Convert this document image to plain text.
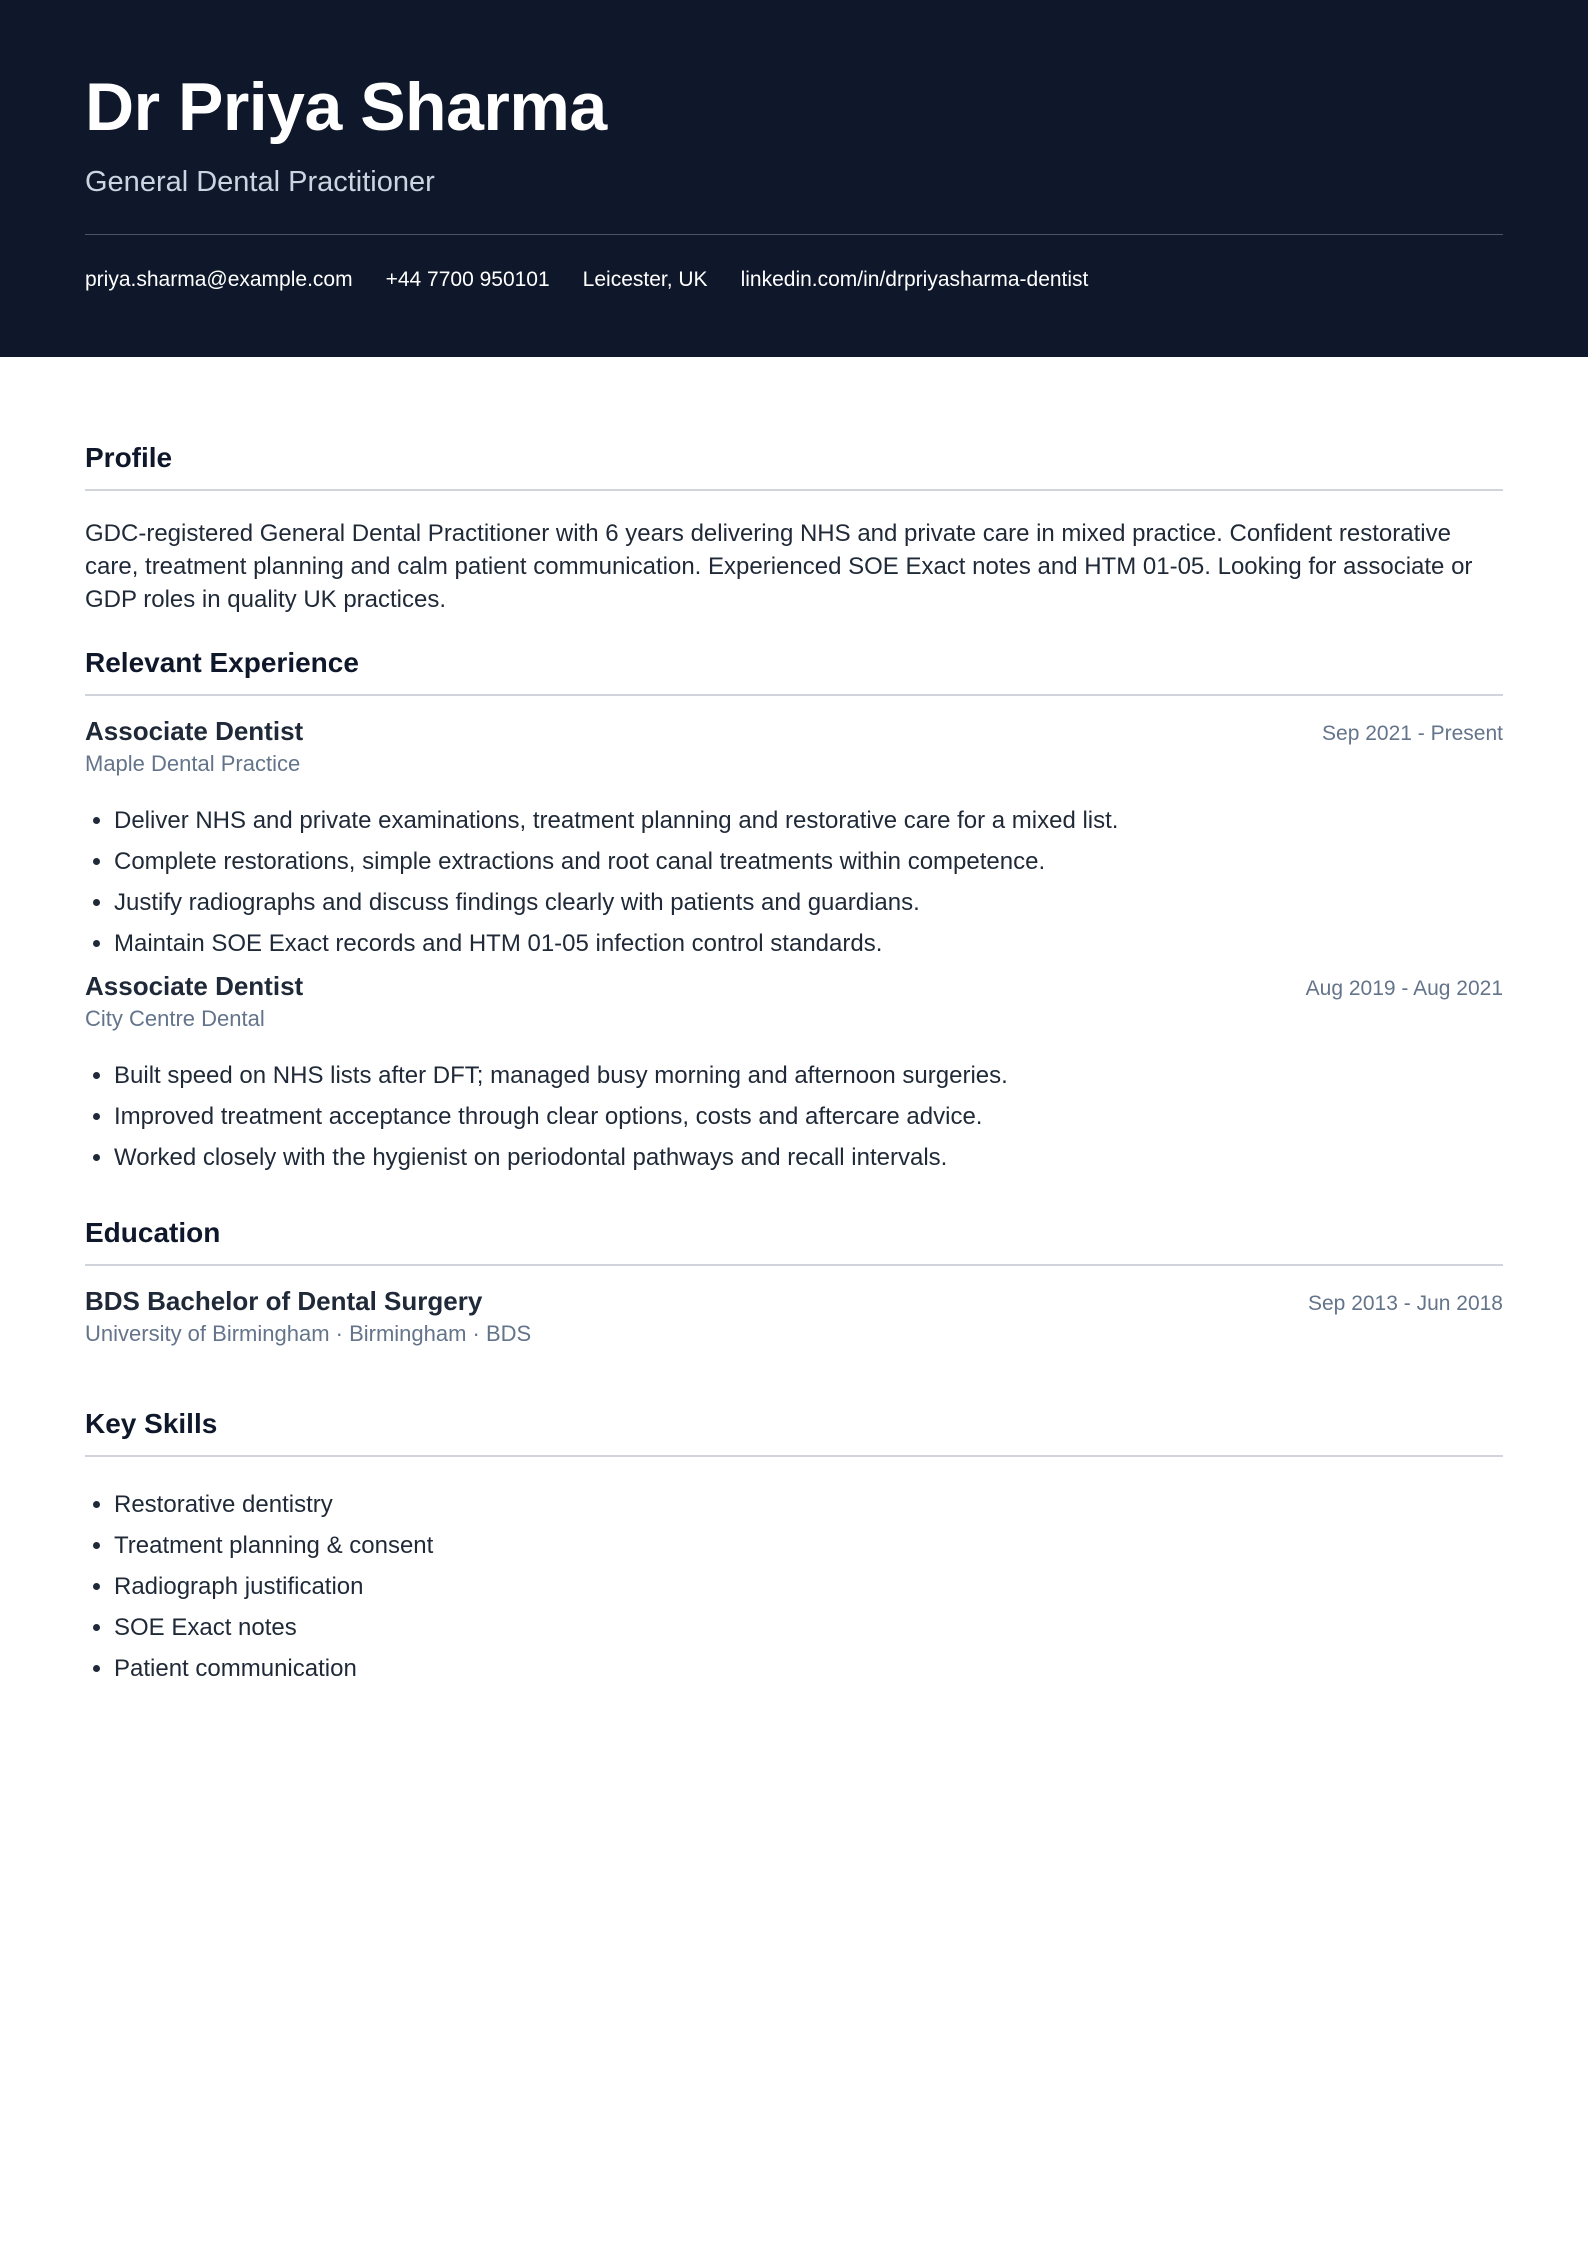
Dr Priya Sharma
General Dental Practitioner
priya.sharma@example.com +44 7700 950101 Leicester, UK linkedin.com/in/drpriyasharma-dentist
Profile
GDC-registered General Dental Practitioner with 6 years delivering NHS and private care in mixed practice. Confident restorative care, treatment planning and calm patient communication. Experienced SOE Exact notes and HTM 01-05. Looking for associate or GDP roles in quality UK practices.
Relevant Experience
Associate Dentist	Sep 2021 - Present
Maple Dental Practice
• Deliver NHS and private examinations, treatment planning and restorative care for a mixed list.
• Complete restorations, simple extractions and root canal treatments within competence.
• Justify radiographs and discuss findings clearly with patients and guardians.
• Maintain SOE Exact records and HTM 01-05 infection control standards.
Associate Dentist	Aug 2019 - Aug 2021
City Centre Dental
• Built speed on NHS lists after DFT; managed busy morning and afternoon surgeries.
• Improved treatment acceptance through clear options, costs and aftercare advice.
• Worked closely with the hygienist on periodontal pathways and recall intervals.
Education
BDS Bachelor of Dental Surgery	Sep 2013 - Jun 2018
University of Birmingham · Birmingham · BDS
Key Skills
• Restorative dentistry
• Treatment planning & consent
• Radiograph justification
• SOE Exact notes
• Patient communication
